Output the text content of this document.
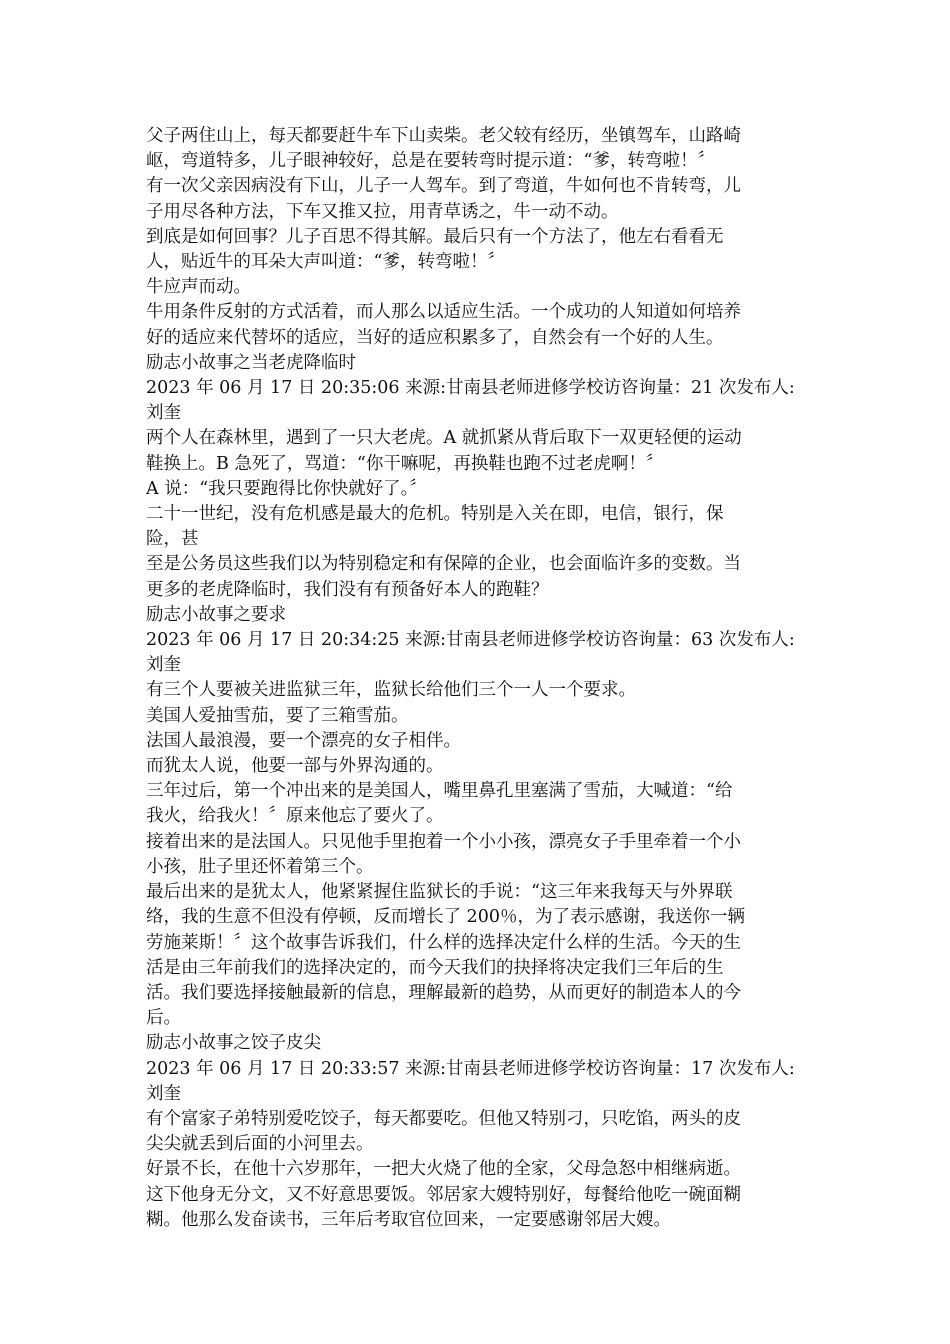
父子两住山上，每天都要赶牛车下山卖柴。老父较有经历，坐镇驾车，山路崎

岖，弯道特多，儿子眼神较好，总是在要转弯时提示道：“爹，转弯啦！〞

有一次父亲因病没有下山，儿子一人驾车。到了弯道，牛如何也不肯转弯，儿

子用尽各种方法，下车又推又拉，用青草诱之，牛一动不动。

到底是如何回事？儿子百思不得其解。最后只有一个方法了，他左右看看无

人，贴近牛的耳朵大声叫道：“爹，转弯啦！〞

牛应声而动。

牛用条件反射的方式活着，而人那么以适应生活。一个成功的人知道如何培养

好的适应来代替坏的适应，当好的适应积累多了，自然会有一个好的人生。

励志小故事之当老虎降临时

2023 年 06 月 17 日 20:35:06 来源:甘南县老师进修学校访咨询量：21 次发布人:

刘奎

两个人在森林里，遇到了一只大老虎。A 就抓紧从背后取下一双更轻便的运动

鞋换上。B 急死了，骂道：“你干嘛呢，再换鞋也跑不过老虎啊！〞

A 说：“我只要跑得比你快就好了。〞

二十一世纪，没有危机感是最大的危机。特别是入关在即，电信，银行，保

险，甚

至是公务员这些我们以为特别稳定和有保障的企业，也会面临许多的变数。当

更多的老虎降临时，我们没有有预备好本人的跑鞋？

励志小故事之要求

2023 年 06 月 17 日 20:34:25 来源:甘南县老师进修学校访咨询量：63 次发布人:

刘奎

有三个人要被关进监狱三年，监狱长给他们三个一人一个要求。

美国人爱抽雪茄，要了三箱雪茄。

法国人最浪漫，要一个漂亮的女子相伴。

而犹太人说，他要一部与外界沟通的。

三年过后，第一个冲出来的是美国人，嘴里鼻孔里塞满了雪茄，大喊道：“给

我火，给我火！〞原来他忘了要火了。

接着出来的是法国人。只见他手里抱着一个小小孩，漂亮女子手里牵着一个小

小孩，肚子里还怀着第三个。

最后出来的是犹太人，他紧紧握住监狱长的手说：“这三年来我每天与外界联

络，我的生意不但没有停顿，反而增长了 200％，为了表示感谢，我送你一辆

劳施莱斯！〞这个故事告诉我们，什么样的选择决定什么样的生活。今天的生

活是由三年前我们的选择决定的，而今天我们的抉择将决定我们三年后的生

活。我们要选择接触最新的信息，理解最新的趋势，从而更好的制造本人的今

后。

励志小故事之饺子皮尖

2023 年 06 月 17 日 20:33:57 来源:甘南县老师进修学校访咨询量：17 次发布人:

刘奎

有个富家子弟特别爱吃饺子，每天都要吃。但他又特别刁，只吃馅，两头的皮

尖尖就丢到后面的小河里去。

好景不长，在他十六岁那年，一把大火烧了他的全家，父母急怒中相继病逝。

这下他身无分文，又不好意思要饭。邻居家大嫂特别好，每餐给他吃一碗面糊

糊。他那么发奋读书，三年后考取官位回来，一定要感谢邻居大嫂。
